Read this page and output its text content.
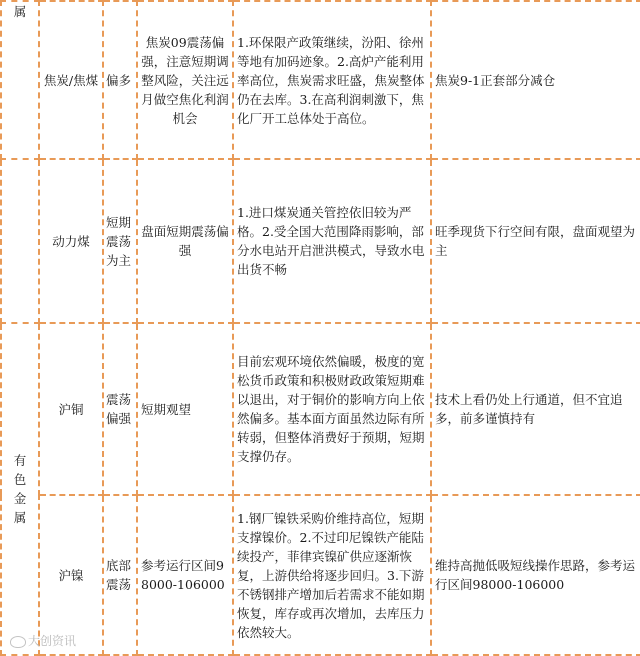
属	焦炭/焦煤	偏多	焦炭09震荡偏强，注意短期调整风险，关注远月做空焦化利润机会	1.环保限产政策继续，汾阳、徐州等地有加码迹象。2.高炉产能利用率高位，焦炭需求旺盛，焦炭整体仍在去库。3.在高利润刺激下，焦化厂开工总体处于高位。	焦炭9-1正套部分减仓
	动力煤	短期震荡为主	盘面短期震荡偏强	1.进口煤炭通关管控依旧较为严格。2.受全国大范围降雨影响，部分水电站开启泄洪模式，导致水电出货不畅	旺季现货下行空间有限，盘面观望为主

有色金属	沪铜	震荡偏强	短期观望	目前宏观环境依然偏暖，极度的宽松货币政策和积极财政政策短期难以退出，对于铜价的影响方向上依然偏多。基本面方面虽然边际有所转弱，但整体消费好于预期，短期支撑仍存。	技术上看仍处上行通道，但不宜追多，前多谨慎持有
	沪镍	底部震荡	参考运行区间98000-106000	1.钢厂镍铁采购价维持高位，短期支撑镍价。2.不过印尼镍铁产能陆续投产，菲律宾镍矿供应逐渐恢复，上游供给将逐步回归。3.下游不锈钢排产增加后若需求不能如期恢复，库存或再次增加，去库压力依然较大。	维持高抛低吸短线操作思路，参考运行区间98000-106000
大创资讯
